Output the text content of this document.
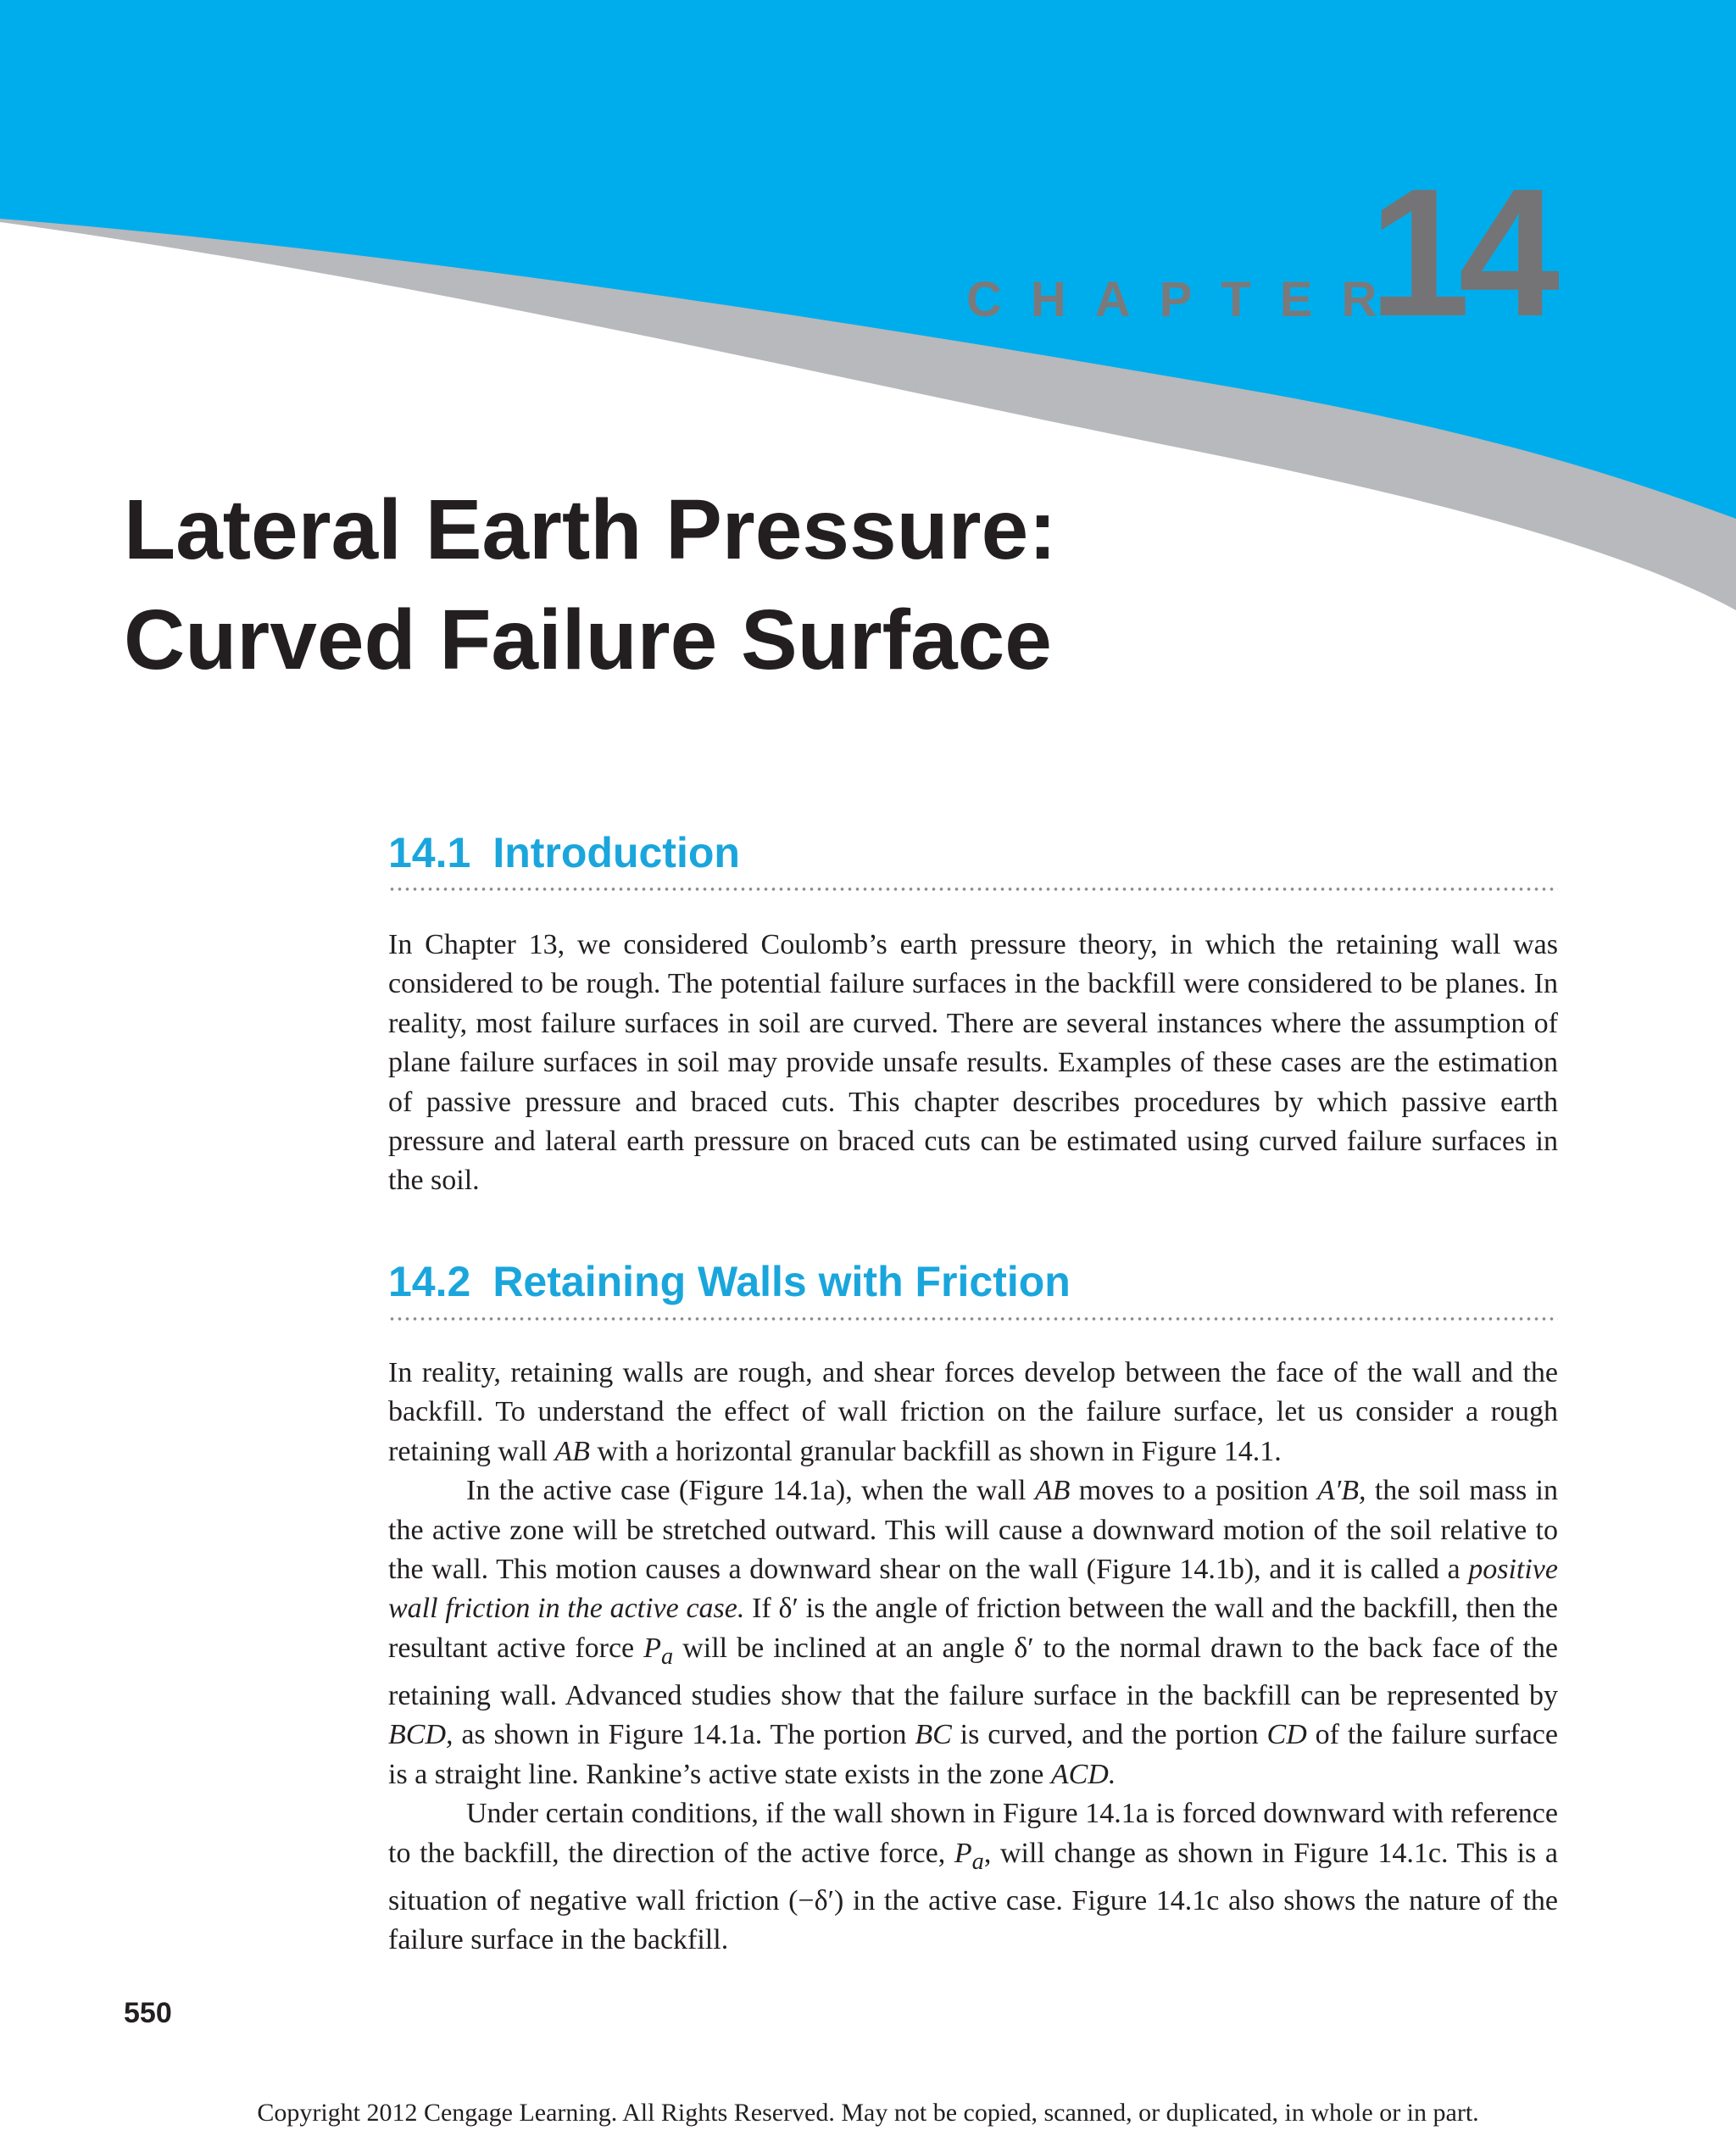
CHAPTER
14
Lateral Earth Pressure:
Curved Failure Surface
14.1 Introduction

In Chapter 13, we considered Coulomb’s earth pressure theory, in which the retaining wall was considered to be rough. The potential failure surfaces in the backfill were considered to be planes. In reality, most failure surfaces in soil are curved. There are several instances where the assumption of plane failure surfaces in soil may provide unsafe results. Examples of these cases are the estimation of passive pressure and braced cuts. This chapter describes procedures by which passive earth pressure and lateral earth pressure on braced cuts can be estimated using curved failure surfaces in the soil.

14.2 Retaining Walls with Friction

In reality, retaining walls are rough, and shear forces develop between the face of the wall and the backfill. To understand the effect of wall friction on the failure surface, let us consider a rough retaining wall AB with a horizontal granular backfill as shown in Figure 14.1.

In the active case (Figure 14.1a), when the wall AB moves to a position A′B, the soil mass in the active zone will be stretched outward. This will cause a downward motion of the soil relative to the wall. This motion causes a downward shear on the wall (Figure 14.1b), and it is called a positive wall friction in the active case. If δ′ is the angle of friction between the wall and the backfill, then the resultant active force $P_a$ will be inclined at an angle δ′ to the normal drawn to the back face of the retaining wall. Advanced studies show that the failure surface in the backfill can be represented by BCD, as shown in Figure 14.1a. The portion BC is curved, and the portion CD of the failure surface is a straight line. Rankine’s active state exists in the zone ACD.

Under certain conditions, if the wall shown in Figure 14.1a is forced downward with reference to the backfill, the direction of the active force, $P_a$, will change as shown in Figure 14.1c. This is a situation of negative wall friction (−δ′) in the active case. Figure 14.1c also shows the nature of the failure surface in the backfill.

550
Copyright 2012 Cengage Learning. All Rights Reserved. May not be copied, scanned, or duplicated, in whole or in part.
